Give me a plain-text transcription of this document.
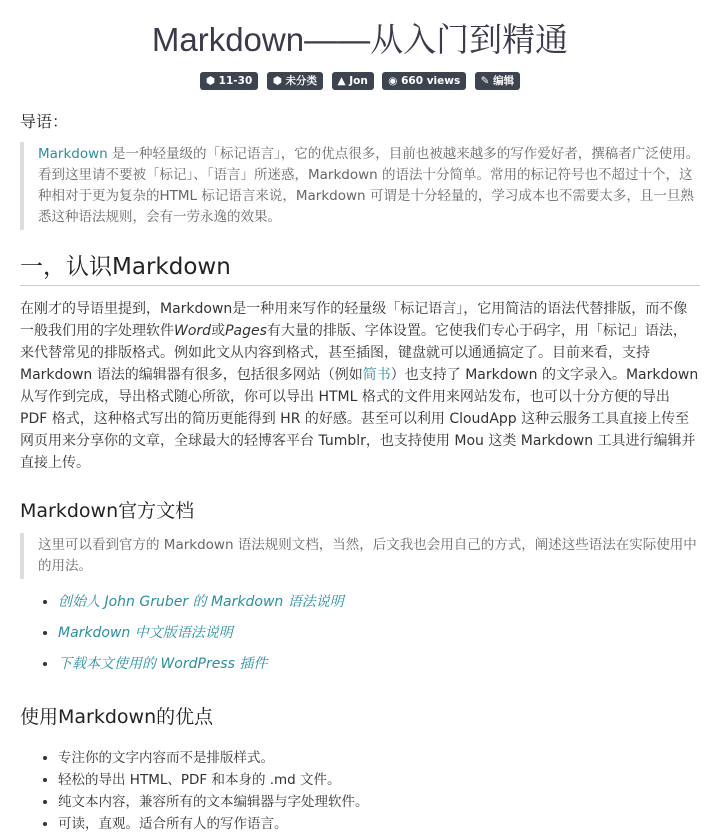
Markdown——从入门到精通
⬢ 11-30 ⬢ 未分类 ▲ Jon ◉ 660 views ✎ 编辑
导语：
Markdown 是一种轻量级的「标记语言」，它的优点很多，目前也被越来越多的写作爱好者，撰稿者广泛使用。看到这里请不要被「标记」、「语言」所迷惑，Markdown 的语法十分简单。常用的标记符号也不超过十个，这种相对于更为复杂的HTML 标记语言来说，Markdown 可谓是十分轻量的，学习成本也不需要太多，且一旦熟悉这种语法规则，会有一劳永逸的效果。
一，认识Markdown

在刚才的导语里提到，Markdown是一种用来写作的轻量级「标记语言」，它用简洁的语法代替排版，而不像一般我们用的字处理软件Word或Pages有大量的排版、字体设置。它使我们专心于码字，用「标记」语法，来代替常见的排版格式。例如此文从内容到格式，甚至插图，键盘就可以通通搞定了。目前来看，支持 Markdown 语法的编辑器有很多，包括很多网站（例如简书）也支持了 Markdown 的文字录入。Markdown 从写作到完成，导出格式随心所欲，你可以导出 HTML 格式的文件用来网站发布，也可以十分方便的导出 PDF 格式，这种格式写出的简历更能得到 HR 的好感。甚至可以利用 CloudApp 这种云服务工具直接上传至网页用来分享你的文章，全球最大的轻博客平台 Tumblr，也支持使用 Mou 这类 Markdown 工具进行编辑并直接上传。

Markdown官方文档
这里可以看到官方的 Markdown 语法规则文档，当然，后文我也会用自己的方式，阐述这些语法在实际使用中的用法。
• 创始人 John Gruber 的 Markdown 语法说明
• Markdown 中文版语法说明
• 下载本文使用的 WordPress 插件
使用Markdown的优点
• 专注你的文字内容而不是排版样式。
• 轻松的导出 HTML、PDF 和本身的 .md 文件。
• 纯文本内容，兼容所有的文本编辑器与字处理软件。
• 可读，直观。适合所有人的写作语言。
